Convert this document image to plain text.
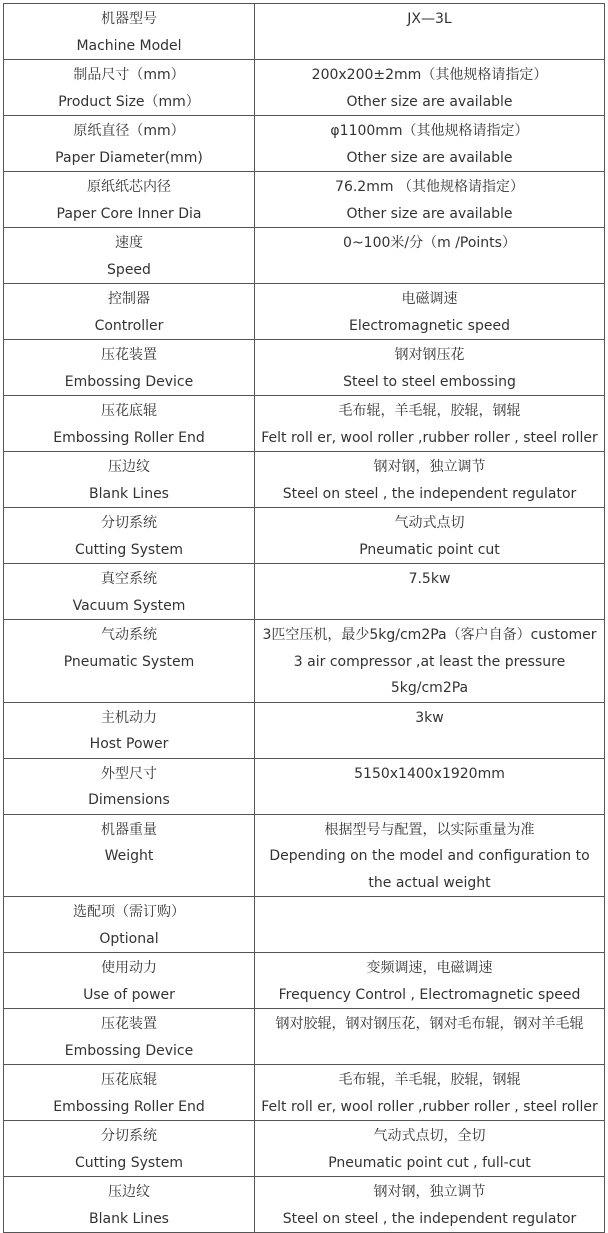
机器型号
Machine Model	JX—3L

制品尺寸（mm）
Product Size（mm）	200x200±2mm（其他规格请指定）
Other size are available

原纸直径（mm）
Paper Diameter(mm)	φ1100mm（其他规格请指定）
Other size are available

原纸纸芯内径
Paper Core Inner Dia	76.2mm （其他规格请指定）
Other size are available

速度
Speed	0~100米/分（m /Points）

控制器
Controller	电磁调速
Electromagnetic speed

压花装置
Embossing Device	钢对钢压花
Steel to steel embossing

压花底辊
Embossing Roller End	毛布辊，羊毛辊，胶辊，钢辊
Felt roll er, wool roller ,rubber roller , steel roller

压边纹
Blank Lines	钢对钢，独立调节
Steel on steel , the independent regulator

分切系统
Cutting System	气动式点切
Pneumatic point cut

真空系统
Vacuum System	7.5kw

气动系统
Pneumatic System	3匹空压机，最少5kg/cm2Pa（客户自备）customer
3 air compressor ,at least the pressure
5kg/cm2Pa

主机动力
Host Power	3kw

外型尺寸
Dimensions	5150x1400x1920mm

机器重量
Weight	根据型号与配置，以实际重量为准
Depending on the model and configuration to
the actual weight

选配项（需订购）
Optional	

使用动力
Use of power	变频调速，电磁调速
Frequency Control , Electromagnetic speed

压花装置
Embossing Device	钢对胶辊，钢对钢压花，钢对毛布辊，钢对羊毛辊

压花底辊
Embossing Roller End	毛布辊，羊毛辊，胶辊，钢辊
Felt roll er, wool roller ,rubber roller , steel roller

分切系统
Cutting System	气动式点切，全切
Pneumatic point cut , full-cut

压边纹
Blank Lines	钢对钢，独立调节
Steel on steel , the independent regulator
